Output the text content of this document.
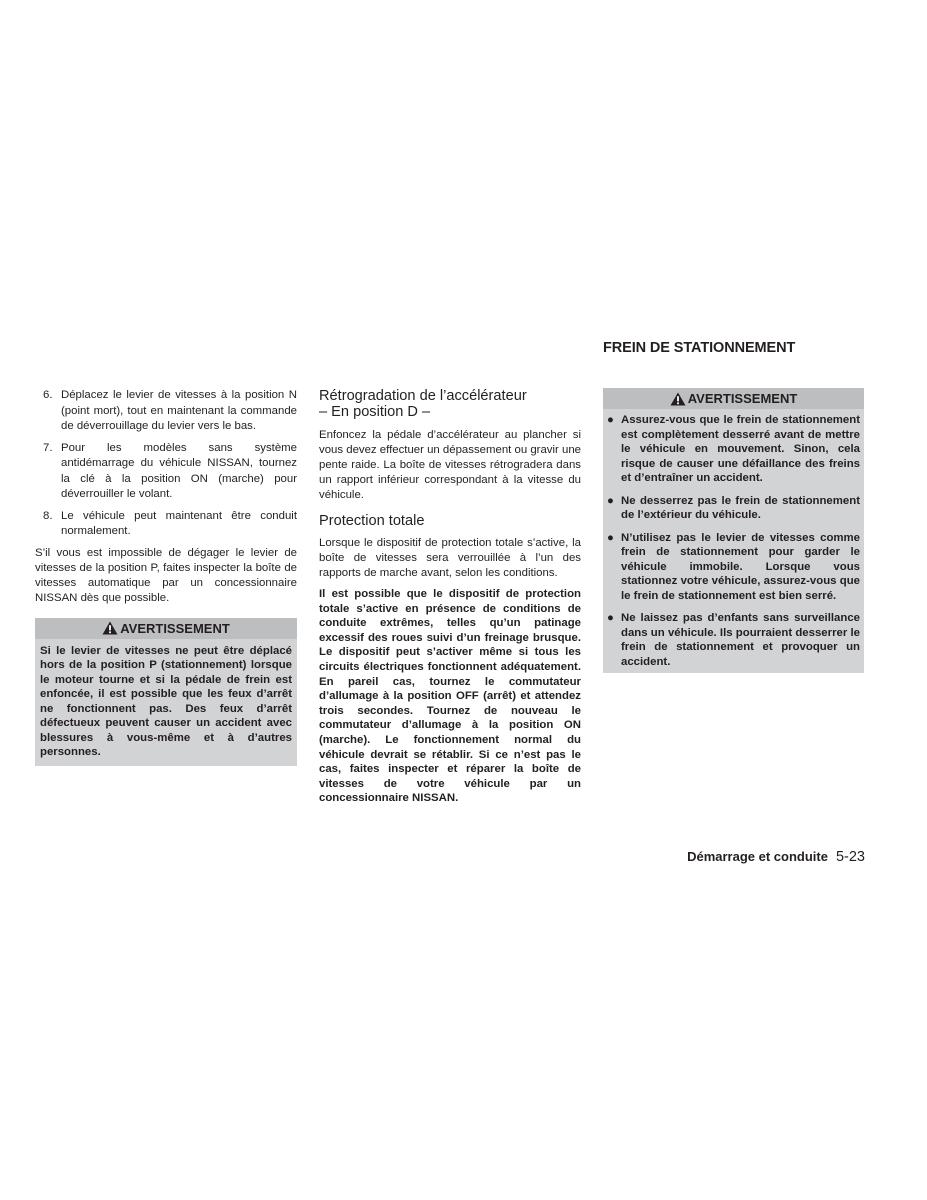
FREIN DE STATIONNEMENT
6. Déplacez le levier de vitesses à la position N (point mort), tout en maintenant la commande de déverrouillage du levier vers le bas.
7. Pour les modèles sans système antidémarrage du véhicule NISSAN, tournez la clé à la position ON (marche) pour déverrouiller le volant.
8. Le véhicule peut maintenant être conduit normalement.

S’il vous est impossible de dégager le levier de vitesses de la position P, faites inspecter la boîte de vitesses automatique par un concessionnaire NISSAN dès que possible.

AVERTISSEMENT
Si le levier de vitesses ne peut être déplacé hors de la position P (stationnement) lorsque le moteur tourne et si la pédale de frein est enfoncée, il est possible que les feux d’arrêt ne fonctionnent pas. Des feux d’arrêt défectueux peuvent causer un accident avec blessures à vous-même et à d’autres personnes.
Rétrogradation de l’accélérateur
– En position D –

Enfoncez la pédale d’accélérateur au plancher si vous devez effectuer un dépassement ou gravir une pente raide. La boîte de vitesses rétrogradera dans un rapport inférieur correspondant à la vitesse du véhicule.

Protection totale

Lorsque le dispositif de protection totale s’active, la boîte de vitesses sera verrouillée à l’un des rapports de marche avant, selon les conditions.

Il est possible que le dispositif de protection totale s’active en présence de conditions de conduite extrêmes, telles qu’un patinage excessif des roues suivi d’un freinage brusque. Le dispositif peut s’activer même si tous les circuits électriques fonctionnent adéquatement. En pareil cas, tournez le commutateur d’allumage à la position OFF (arrêt) et attendez trois secondes. Tournez de nouveau le commutateur d’allumage à la position ON (marche). Le fonctionnement normal du véhicule devrait se rétablir. Si ce n’est pas le cas, faites inspecter et réparer la boîte de vitesses de votre véhicule par un concessionnaire NISSAN.

AVERTISSEMENT
● Assurez-vous que le frein de stationnement est complètement desserré avant de mettre le véhicule en mouvement. Sinon, cela risque de causer une défaillance des freins et d’entraîner un accident.
● Ne desserrez pas le frein de stationnement de l’extérieur du véhicule.
● N’utilisez pas le levier de vitesses comme frein de stationnement pour garder le véhicule immobile. Lorsque vous stationnez votre véhicule, assurez-vous que le frein de stationnement est bien serré.
● Ne laissez pas d’enfants sans surveillance dans un véhicule. Ils pourraient desserrer le frein de stationnement et provoquer un accident.
Démarrage et conduite 5-23
